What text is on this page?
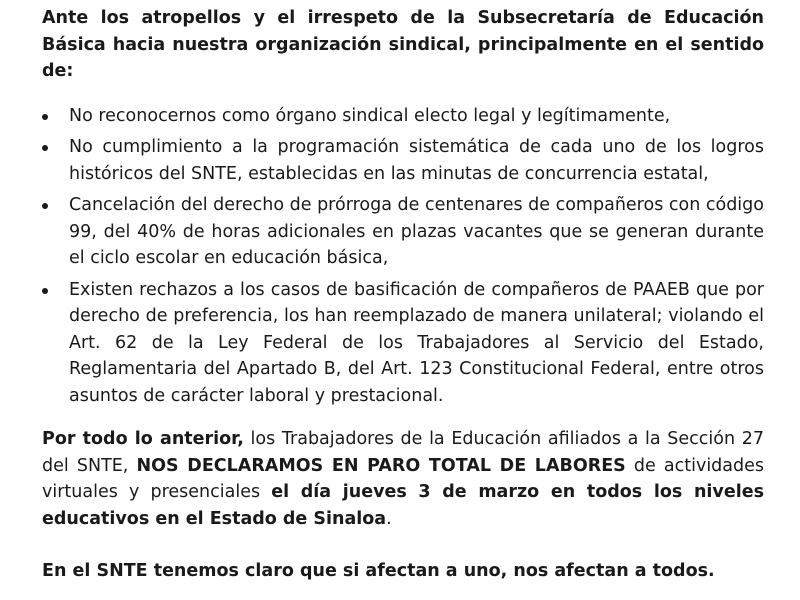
Ante los atropellos y el irrespeto de la Subsecretaría de Educación Básica hacia nuestra organización sindical, principalmente en el sentido de:

No reconocernos como órgano sindical electo legal y legítimamente,
No cumplimiento a la programación sistemática de cada uno de los logros históricos del SNTE, establecidas en las minutas de concurrencia estatal,
Cancelación del derecho de prórroga de centenares de compañeros con código 99, del 40% de horas adicionales en plazas vacantes que se generan durante el ciclo escolar en educación básica,
Existen rechazos a los casos de basificación de compañeros de PAAEB que por derecho de preferencia, los han reemplazado de manera unilateral; violando el Art. 62 de la Ley Federal de los Trabajadores al Servicio del Estado, Reglamentaria del Apartado B, del Art. 123 Constitucional Federal, entre otros asuntos de carácter laboral y prestacional.

Por todo lo anterior, los Trabajadores de la Educación afiliados a la Sección 27 del SNTE, NOS DECLARAMOS EN PARO TOTAL DE LABORES de actividades virtuales y presenciales el día jueves 3 de marzo en todos los niveles educativos en el Estado de Sinaloa.

En el SNTE tenemos claro que si afectan a uno, nos afectan a todos.
